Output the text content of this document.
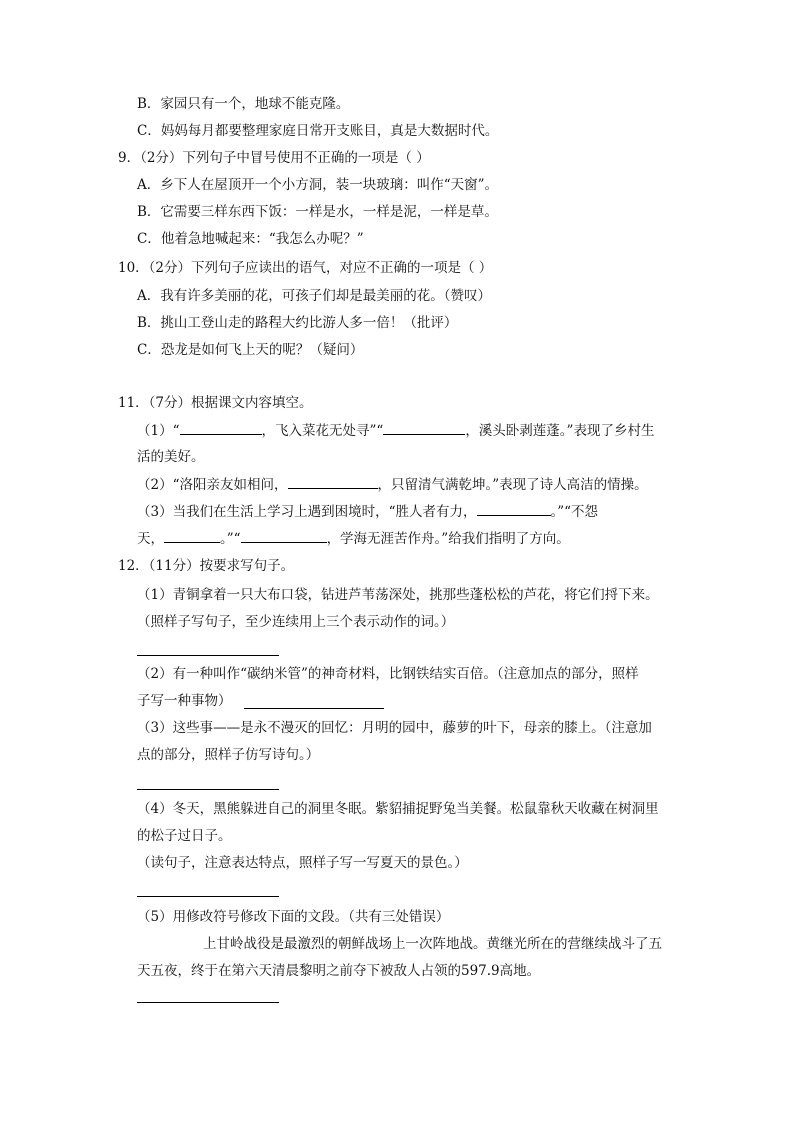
B．家园只有一个，地球不能克隆。
C．妈妈每月都要整理家庭日常开支账目，真是大数据时代。
9．（2分）下列句子中冒号使用不正确的一项是（ ）
A．乡下人在屋顶开一个小方洞，装一块玻璃：叫作“天窗”。
B．它需要三样东西下饭：一样是水，一样是泥，一样是草。
C．他着急地喊起来：“我怎么办呢？”
10．（2分）下列句子应读出的语气，对应不正确的一项是（ ）
A．我有许多美丽的花，可孩子们却是最美丽的花。（赞叹）
B．挑山工登山走的路程大约比游人多一倍！（批评）
C．恐龙是如何飞上天的呢？（疑问）
11．（7分）根据课文内容填空。
（1）“	，飞入菜花无处寻”“	，溪头卧剥莲蓬。”表现了乡村生
活的美好。
（2）“洛阳亲友如相问，	，只留清气满乾坤。”表现了诗人高洁的情操。
（3）当我们在生活上学习上遇到困境时，“胜人者有力，	。”“不怨
天，	。”“	，学海无涯苦作舟。”给我们指明了方向。
12．（11分）按要求写句子。
（1）青铜拿着一只大布口袋，钻进芦苇荡深处，挑那些蓬松松的芦花，将它们捋下来。
（照样子写句子，至少连续用上三个表示动作的词。）
（2）有一种叫作“碳纳米管”的神奇材料，比钢铁结实百倍。（注意加点的部分，照样
子写一种事物）
（3）这些事——是永不漫灭的回忆：月明的园中，藤萝的叶下，母亲的膝上。（注意加
点的部分，照样子仿写诗句。）
（4）冬天，黑熊躲进自己的洞里冬眠。紫貂捕捉野兔当美餐。松鼠靠秋天收藏在树洞里
的松子过日子。
（读句子，注意表达特点，照样子写一写夏天的景色。）
（5）用修改符号修改下面的文段。（共有三处错误）
上甘岭战役是最激烈的朝鲜战场上一次阵地战。黄继光所在的营继续战斗了五
天五夜，终于在第六天清晨黎明之前夺下被敌人占领的597.9高地。
